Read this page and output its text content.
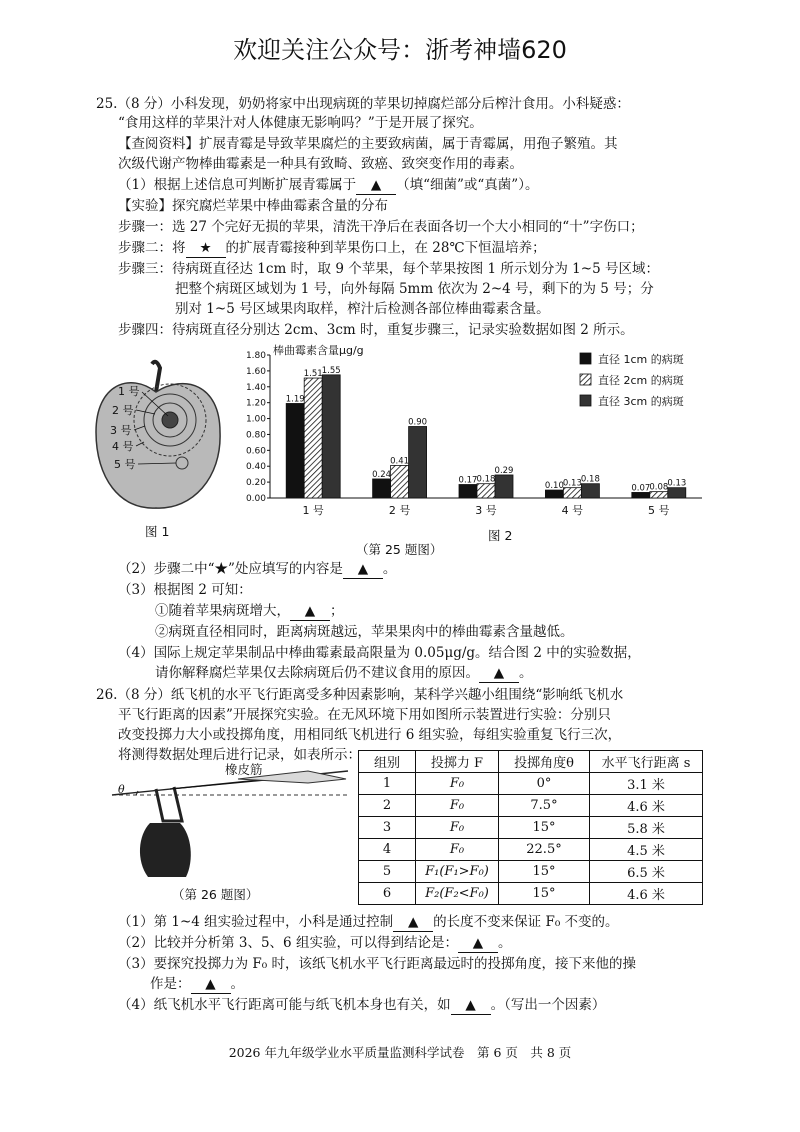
欢迎关注公众号：浙考神墙620
25.（8 分）小科发现，奶奶将家中出现病斑的苹果切掉腐烂部分后榨汁食用。小科疑惑：
“食用这样的苹果汁对人体健康无影响吗？”于是开展了探究。
【查阅资料】扩展青霉是导致苹果腐烂的主要致病菌，属于青霉属，用孢子繁殖。其
次级代谢产物棒曲霉素是一种具有致畸、致癌、致突变作用的毒素。
（1）根据上述信息可判断扩展青霉属于 ▲ （填“细菌”或“真菌”）。
【实验】探究腐烂苹果中棒曲霉素含量的分布
步骤一：选 27 个完好无损的苹果，清洗干净后在表面各切一个大小相同的“十”字伤口；
步骤二：将 ★ 的扩展青霉接种到苹果伤口上，在 28℃下恒温培养；
步骤三：待病斑直径达 1cm 时，取 9 个苹果，每个苹果按图 1 所示划分为 1~5 号区域：
把整个病斑区域划为 1 号，向外每隔 5mm 依次为 2~4 号，剩下的为 5 号；分
别对 1~5 号区域果肉取样，榨汁后检测各部位棒曲霉素含量。
步骤四：待病斑直径分别达 2cm、3cm 时，重复步骤三，记录实验数据如图 2 所示。
1 号
2 号
3 号
4 号
5 号
图 1
0.00
0.20
0.40
0.60
0.80
1.00
1.20
1.40
1.60
1.80 棒曲霉素含量μg/g
1.19
1.51 1.55
1 号
0.24
0.41
0.90
2 号
0.17 0.18
0.29
3 号
0.10 0.13 0.18
4 号
0.07 0.08 0.13
5 号
直径 1cm 的病斑
直径 2cm 的病斑
直径 3cm 的病斑
（第 25 题图）
图 2
（2）步骤二中“★”处应填写的内容是 ▲ 。
（3）根据图 2 可知：
①随着苹果病斑增大， ▲ ；
②病斑直径相同时，距离病斑越远，苹果果肉中的棒曲霉素含量越低。
（4）国际上规定苹果制品中棒曲霉素最高限量为 0.05μg/g。结合图 2 中的实验数据，
请你解释腐烂苹果仅去除病斑后仍不建议食用的原因。 ▲ 。
26.（8 分）纸飞机的水平飞行距离受多种因素影响，某科学兴趣小组围绕“影响纸飞机水
平飞行距离的因素”开展探究实验。在无风环境下用如图所示装置进行实验：分别只
改变投掷力大小或投掷角度，用相同纸飞机进行 6 组实验，每组实验重复飞行三次，
将测得数据处理后进行记录，如表所示：
θ
橡皮筋
（第 26 题图）
组别	投掷力 F	投掷角度θ	水平飞行距离 s
1	F₀	0°	3.1 米
2	F₀	7.5°	4.6 米
3	F₀	15°	5.8 米
4	F₀	22.5°	4.5 米
5	F₁(F₁>F₀)	15°	6.5 米
6	F₂(F₂<F₀)	15°	4.6 米
（1）第 1~4 组实验过程中，小科是通过控制 ▲ 的长度不变来保证 F₀ 不变的。
（2）比较并分析第 3、5、6 组实验，可以得到结论是： ▲ 。
（3）要探究投掷力为 F₀ 时，该纸飞机水平飞行距离最远时的投掷角度，接下来他的操
作是： ▲ 。
（4）纸飞机水平飞行距离可能与纸飞机本身也有关，如 ▲ 。（写出一个因素）
2026 年九年级学业水平质量监测科学试卷　第 6 页　共 8 页
